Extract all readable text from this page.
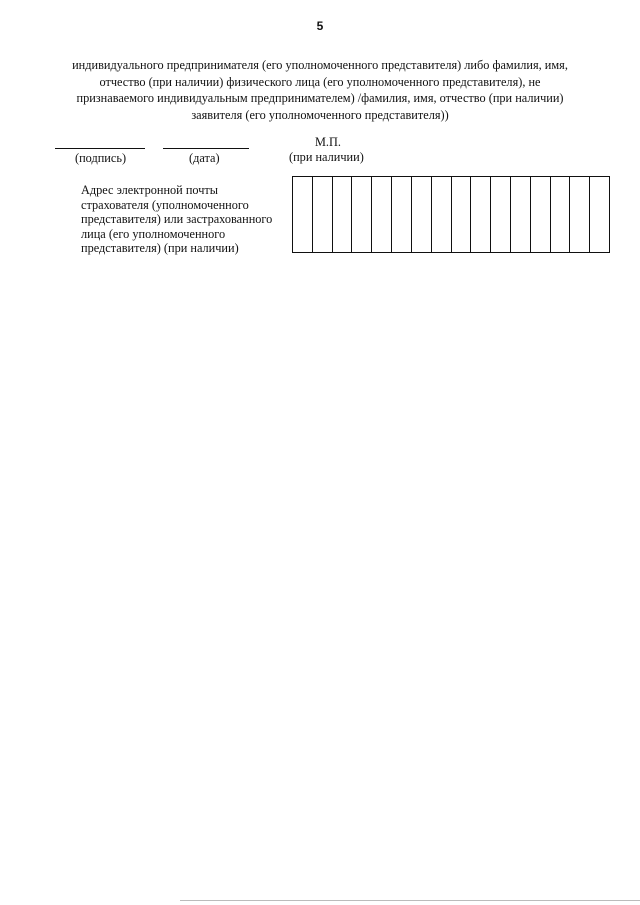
5
индивидуального предпринимателя (его уполномоченного представителя) либо фамилия, имя,
отчество (при наличии) физического лица (его уполномоченного представителя), не
признаваемого индивидуальным предпринимателем) /фамилия, имя, отчество (при наличии)
заявителя (его уполномоченного представителя))
(подпись)	(дата)
М.П.
(при наличии)
Адрес электронной почты
страхователя (уполномоченного
представителя) или застрахованного
лица (его уполномоченного
представителя) (при наличии)
